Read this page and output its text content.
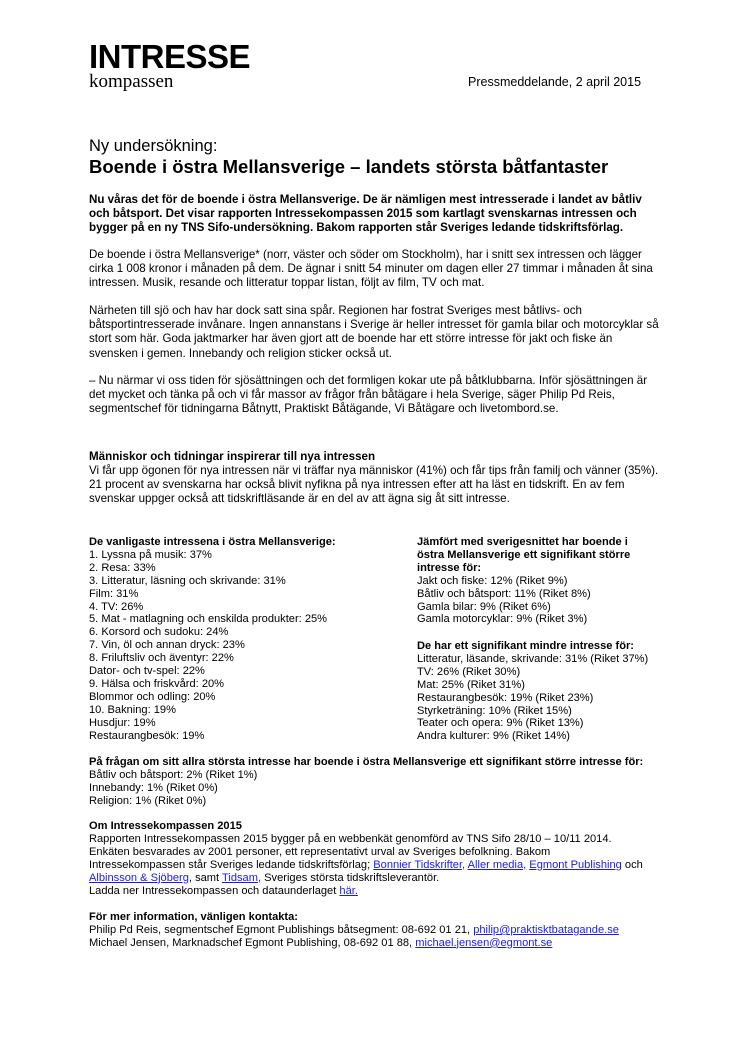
INTRESSE
kompassen	Pressmeddelande, 2 april 2015
Ny undersökning:
Boende i östra Mellansverige – landets största båtfantaster
Nu våras det för de boende i östra Mellansverige. De är nämligen mest intresserade i landet av båtliv och båtsport. Det visar rapporten Intressekompassen 2015 som kartlagt svenskarnas intressen och bygger på en ny TNS Sifo-undersökning. Bakom rapporten står Sveriges ledande tidskriftsförlag.
De boende i östra Mellansverige* (norr, väster och söder om Stockholm), har i snitt sex intressen och lägger cirka 1 008 kronor i månaden på dem. De ägnar i snitt 54 minuter om dagen eller 27 timmar i månaden åt sina intressen. Musik, resande och litteratur toppar listan, följt av film, TV och mat.
Närheten till sjö och hav har dock satt sina spår. Regionen har fostrat Sveriges mest båtlivs- och båtsportintresserade invånare. Ingen annanstans i Sverige är heller intresset för gamla bilar och motorcyklar så stort som här. Goda jaktmarker har även gjort att de boende har ett större intresse för jakt och fiske än svensken i gemen. Innebandy och religion sticker också ut.
– Nu närmar vi oss tiden för sjösättningen och det formligen kokar ute på båtklubbarna. Inför sjösättningen är det mycket och tänka på och vi får massor av frågor från båtägare i hela Sverige, säger Philip Pd Reis, segmentschef för tidningarna Båtnytt, Praktiskt Båtägande, Vi Båtägare och livetombord.se.
Människor och tidningar inspirerar till nya intressen
Vi får upp ögonen för nya intressen när vi träffar nya människor (41%) och får tips från familj och vänner (35%). 21 procent av svenskarna har också blivit nyfikna på nya intressen efter att ha läst en tidskrift. En av fem svenskar uppger också att tidskriftläsande är en del av att ägna sig åt sitt intresse.
De vanligaste intressena i östra Mellansverige:
1. Lyssna på musik: 37%
2. Resa: 33%
3. Litteratur, läsning och skrivande: 31%
Film: 31%
4. TV: 26%
5. Mat - matlagning och enskilda produkter: 25%
6. Korsord och sudoku: 24%
7. Vin, öl och annan dryck: 23%
8. Friluftsliv och äventyr: 22%
Dator- och tv-spel: 22%
9. Hälsa och friskvård: 20%
Blommor och odling: 20%
10. Bakning: 19%
Husdjur: 19%
Restaurangbesök: 19%
Jämfört med sverigesnittet har boende i
östra Mellansverige ett signifikant större
intresse för:
Jakt och fiske: 12% (Riket 9%)
Båtliv och båtsport: 11% (Riket 8%)
Gamla bilar: 9% (Riket 6%)
Gamla motorcyklar: 9% (Riket 3%)
De har ett signifikant mindre intresse för:
Litteratur, läsande, skrivande: 31% (Riket 37%)
TV: 26% (Riket 30%)
Mat: 25% (Riket 31%)
Restaurangbesök: 19% (Riket 23%)
Styrketräning: 10% (Riket 15%)
Teater och opera: 9% (Riket 13%)
Andra kulturer: 9% (Riket 14%)
På frågan om sitt allra största intresse har boende i östra Mellansverige ett signifikant större intresse för:
Båtliv och båtsport: 2% (Riket 1%)
Innebandy: 1% (Riket 0%)
Religion: 1% (Riket 0%)
Om Intressekompassen 2015
Rapporten Intressekompassen 2015 bygger på en webbenkät genomförd av TNS Sifo 28/10 – 10/11 2014.
Enkäten besvarades av 2001 personer, ett representativt urval av Sveriges befolkning. Bakom
Intressekompassen står Sveriges ledande tidskriftsförlag; Bonnier Tidskrifter, Aller media, Egmont Publishing och
Albinsson & Sjöberg, samt Tidsam, Sveriges största tidskriftsleverantör.
Ladda ner Intressekompassen och dataunderlaget här.
För mer information, vänligen kontakta:
Philip Pd Reis, segmentschef Egmont Publishings båtsegment: 08-692 01 21, philip@praktisktbatagande.se
Michael Jensen, Marknadschef Egmont Publishing, 08-692 01 88, michael.jensen@egmont.se
